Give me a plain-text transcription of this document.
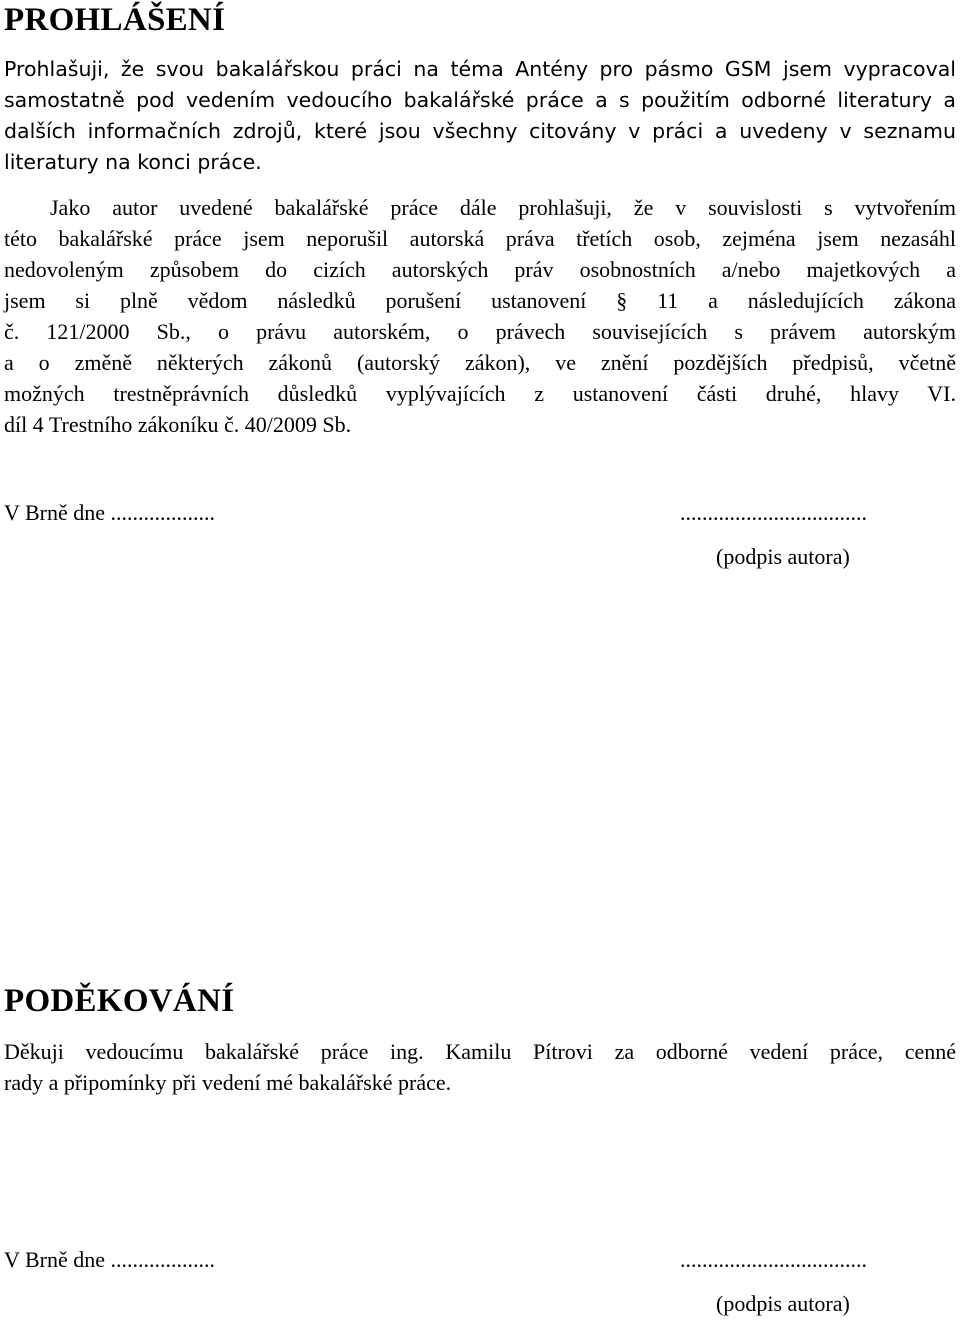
PROHLÁŠENÍ
Prohlašuji, že svou bakalářskou práci na téma Antény pro pásmo GSM jsem vypracoval
samostatně pod vedením vedoucího bakalářské práce a s použitím odborné literatury a
dalších informačních zdrojů, které jsou všechny citovány v práci a uvedeny v seznamu
literatury na konci práce.
Jako autor uvedené bakalářské práce dále prohlašuji, že v souvislosti s vytvořením
této bakalářské práce jsem neporušil autorská práva třetích osob, zejména jsem nezasáhl
nedovoleným způsobem do cizích autorských práv osobnostních a/nebo majetkových a
jsem si plně vědom následků porušení ustanovení § 11 a následujících zákona
č. 121/2000 Sb., o právu autorském, o právech souvisejících s právem autorským
a o změně některých zákonů (autorský zákon), ve znění pozdějších předpisů, včetně
možných trestněprávních důsledků vyplývajících z ustanovení části druhé, hlavy VI.
díl 4 Trestního zákoníku č. 40/2009 Sb.

V Brně dne ...................	..................................

(podpis autora)

PODĚKOVÁNÍ
Děkuji vedoucímu bakalářské práce ing. Kamilu Pítrovi za odborné vedení práce, cenné
rady a připomínky při vedení mé bakalářské práce.

V Brně dne ...................	..................................

(podpis autora)
